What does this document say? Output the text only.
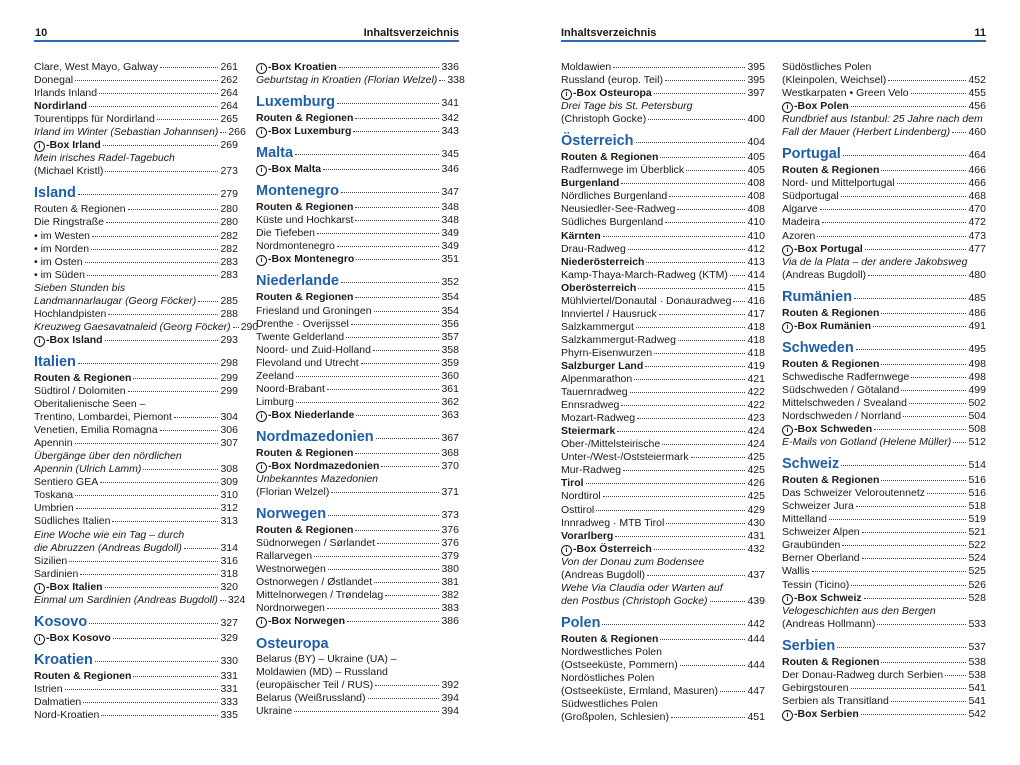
10	Inhaltsverzeichnis	Inhaltsverzeichnis	11
Clare, West Mayo, Galway	261
Donegal	262
Irlands Inland	264
Nordirland	264
Tourentipps für Nordirland	265
Irland im Winter (Sebastian Johannsen) 266
i -Box Irland	269
Mein irisches Radel-Tagebuch
(Michael Kristl)	273
Island	279
Routen & Regionen	280
Die Ringstraße	280
• im Westen	282
• im Norden	282
• im Osten	283
• im Süden	283
Sieben Stunden bis
Landmannarlaugar (Georg Föcker) 285
Hochlandpisten	288
Kreuzweg Gaesavatnaleid (Georg Föcker) 290
i -Box Island	293
Italien	298
Routen & Regionen	299
Südtirol / Dolomiten	299
Oberitalienische Seen –
Trentino, Lombardei, Piemont	304
Venetien, Emilia Romagna	306
Apennin	307
Übergänge über den nördlichen
Apennin (Ulrich Lamm)	308
Sentiero GEA	309
Toskana	310
Umbrien	312
Südliches Italien	313
Eine Woche wie ein Tag – durch
die Abruzzen (Andreas Bugdoll)	314
Sizilien	316
Sardinien	318
i -Box Italien	320
Einmal um Sardinien (Andreas Bugdoll) 324
Kosovo	327
i -Box Kosovo	329
Kroatien	330
Routen & Regionen	331
Istrien	331
Dalmatien	333
Nord-Kroatien	335
i -Box Kroatien	336
Geburtstag in Kroatien (Florian Welzel) 338
Luxemburg	341
Routen & Regionen	342
i -Box Luxemburg	343
Malta	345
i -Box Malta	346
Montenegro	347
Routen & Regionen	348
Küste und Hochkarst	348
Die Tiefeben	349
Nordmontenegro	349
i -Box Montenegro	351
Niederlande	352
Routen & Regionen	354
Friesland und Groningen	354
Drenthe · Overijssel	356
Twente Gelderland	357
Noord- und Zuid-Holland	358
Flevoland und Utrecht	359
Zeeland	360
Noord-Brabant	361
Limburg	362
i -Box Niederlande	363
Nordmazedonien	367
Routen & Regionen	368
i -Box Nordmazedonien	370
Unbekanntes Mazedonien
(Florian Welzel)	371
Norwegen	373
Routen & Regionen	376
Südnorwegen / Sørlandet	376
Rallarvegen	379
Westnorwegen	380
Ostnorwegen / Østlandet	381
Mittelnorwegen / Trøndelag	382
Nordnorwegen	383
i -Box Norwegen	386
Osteuropa
Belarus (BY) – Ukraine (UA) –
Moldawien (MD) – Russland
(europäischer Teil / RUS)	392
Belarus (Weißrussland)	394
Ukraine	394
Moldawien	395
Russland (europ. Teil)	395
i -Box Osteuropa	397
Drei Tage bis St. Petersburg
(Christoph Gocke)	400
Österreich	404
Routen & Regionen	405
Radfernwege im Überblick	405
Burgenland	408
Nördliches Burgenland	408
Neusiedler-See-Radweg	408
Südliches Burgenland	410
Kärnten	410
Drau-Radweg	412
Niederösterreich	413
Kamp-Thaya-March-Radweg (KTM) 414
Oberösterreich	415
Mühlviertel/Donautal · Donauradweg 416
Innviertel / Hausruck	417
Salzkammergut	418
Salzkammergut-Radweg	418
Phyrn-Eisenwurzen	418
Salzburger Land	419
Alpenmarathon	421
Tauernradweg	422
Ennsradweg	422
Mozart-Radweg	423
Steiermark	424
Ober-/Mittelsteirische	424
Unter-/West-/Oststeiermark	425
Mur-Radweg	425
Tirol	426
Nordtirol	425
Osttirol	429
Innradweg · MTB Tirol	430
Vorarlberg	431
i -Box Österreich	432
Von der Donau zum Bodensee
(Andreas Bugdoll)	437
Wehe Via Claudia oder Warten auf
den Postbus (Christoph Gocke)	439
Polen	442
Routen & Regionen	444
Nordwestliches Polen
(Ostseeküste, Pommern)	444
Nordöstliches Polen
(Ostseeküste, Ermland, Masuren)	447
Südwestliches Polen
(Großpolen, Schlesien)	451
Südöstliches Polen
(Kleinpolen, Weichsel)	452
Westkarpaten • Green Velo	455
i -Box Polen	456
Rundbrief aus Istanbul: 25 Jahre nach dem
Fall der Mauer (Herbert Lindenberg) 460
Portugal	464
Routen & Regionen	466
Nord- und Mittelportugal	466
Südportugal	468
Algarve	470
Madeira	472
Azoren	473
i -Box Portugal	477
Via de la Plata – der andere Jakobsweg
(Andreas Bugdoll)	480
Rumänien	485
Routen & Regionen	486
i -Box Rumänien	491
Schweden	495
Routen & Regionen	498
Schwedische Radfernwege	498
Südschweden / Götaland	499
Mittelschweden / Svealand	502
Nordschweden / Norrland	504
i -Box Schweden	508
E-Mails von Gotland (Helene Müller) 512
Schweiz	514
Routen & Regionen	516
Das Schweizer Veloroutennetz	516
Schweizer Jura	518
Mittelland	519
Schweizer Alpen	521
Graubünden	522
Berner Oberland	524
Wallis	525
Tessin (Ticino)	526
i -Box Schweiz	528
Velogeschichten aus den Bergen
(Andreas Hollmann)	533
Serbien	537
Routen & Regionen	538
Der Donau-Radweg durch Serbien 538
Gebirgstouren	541
Serbien als Transitland	541
i -Box Serbien	542
